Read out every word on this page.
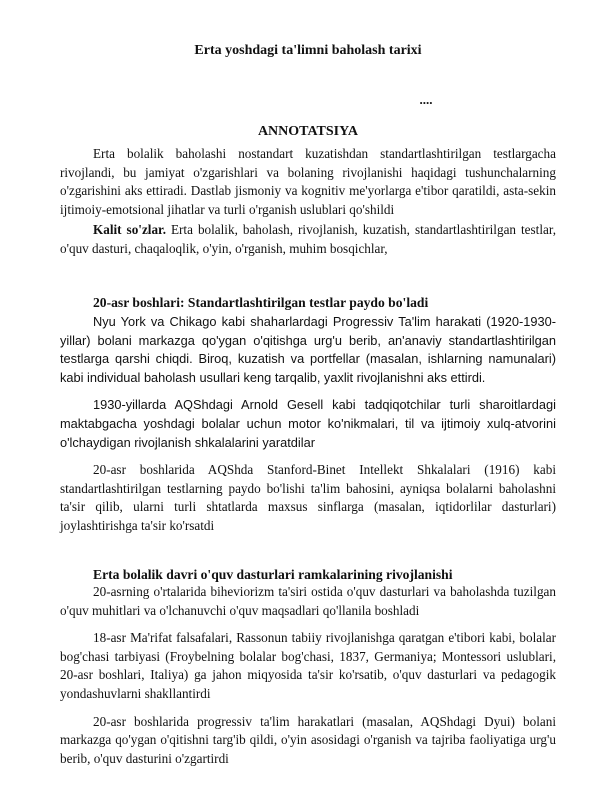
Erta yoshdagi ta'limni baholash tarixi

....
ANNOTATSIYA

Erta bolalik baholashi nostandart kuzatishdan standartlashtirilgan testlargacha rivojlandi, bu jamiyat o'zgarishlari va bolaning rivojlanishi haqidagi tushunchalarning o'zgarishini aks ettiradi. Dastlab jismoniy va kognitiv me'yorlarga e'tibor qaratildi, asta-sekin ijtimoiy-emotsional jihatlar va turli o'rganish uslublari qo'shildi

Kalit so'zlar. Erta bolalik, baholash, rivojlanish, kuzatish, standartlashtirilgan testlar, o'quv dasturi, chaqaloqlik, o'yin, o'rganish, muhim bosqichlar,

20-asr boshlari: Standartlashtirilgan testlar paydo bo'ladi

Nyu York va Chikago kabi shaharlardagi Progressiv Ta'lim harakati (1920-1930-yillar) bolani markazga qo'ygan o'qitishga urg'u berib, an'anaviy standartlashtirilgan testlarga qarshi chiqdi. Biroq, kuzatish va portfellar (masalan, ishlarning namunalari) kabi individual baholash usullari keng tarqalib, yaxlit rivojlanishni aks ettirdi.

1930-yillarda AQShdagi Arnold Gesell kabi tadqiqotchilar turli sharoitlardagi maktabgacha yoshdagi bolalar uchun motor ko'nikmalari, til va ijtimoiy xulq-atvorini o'lchaydigan rivojlanish shkalalarini yaratdilar

20-asr boshlarida AQShda Stanford-Binet Intellekt Shkalalari (1916) kabi standartlashtirilgan testlarning paydo bo'lishi ta'lim bahosini, ayniqsa bolalarni baholashni ta'sir qilib, ularni turli shtatlarda maxsus sinflarga (masalan, iqtidorlilar dasturlari) joylashtirishga ta'sir ko'rsatdi

Erta bolalik davri o'quv dasturlari ramkalarining rivojlanishi

20-asrning o'rtalarida biheviorizm ta'siri ostida o'quv dasturlari va baholashda tuzilgan o'quv muhitlari va o'lchanuvchi o'quv maqsadlari qo'llanila boshladi

18-asr Ma'rifat falsafalari, Rassonun tabiiy rivojlanishga qaratgan e'tibori kabi, bolalar bog'chasi tarbiyasi (Froybelning bolalar bog'chasi, 1837, Germaniya; Montessori uslublari, 20-asr boshlari, Italiya) ga jahon miqyosida ta'sir ko'rsatib, o'quv dasturlari va pedagogik yondashuvlarni shakllantirdi

20-asr boshlarida progressiv ta'lim harakatlari (masalan, AQShdagi Dyui) bolani markazga qo'ygan o'qitishni targ'ib qildi, o'yin asosidagi o'rganish va tajriba faoliyatiga urg'u berib, o'quv dasturini o'zgartirdi
